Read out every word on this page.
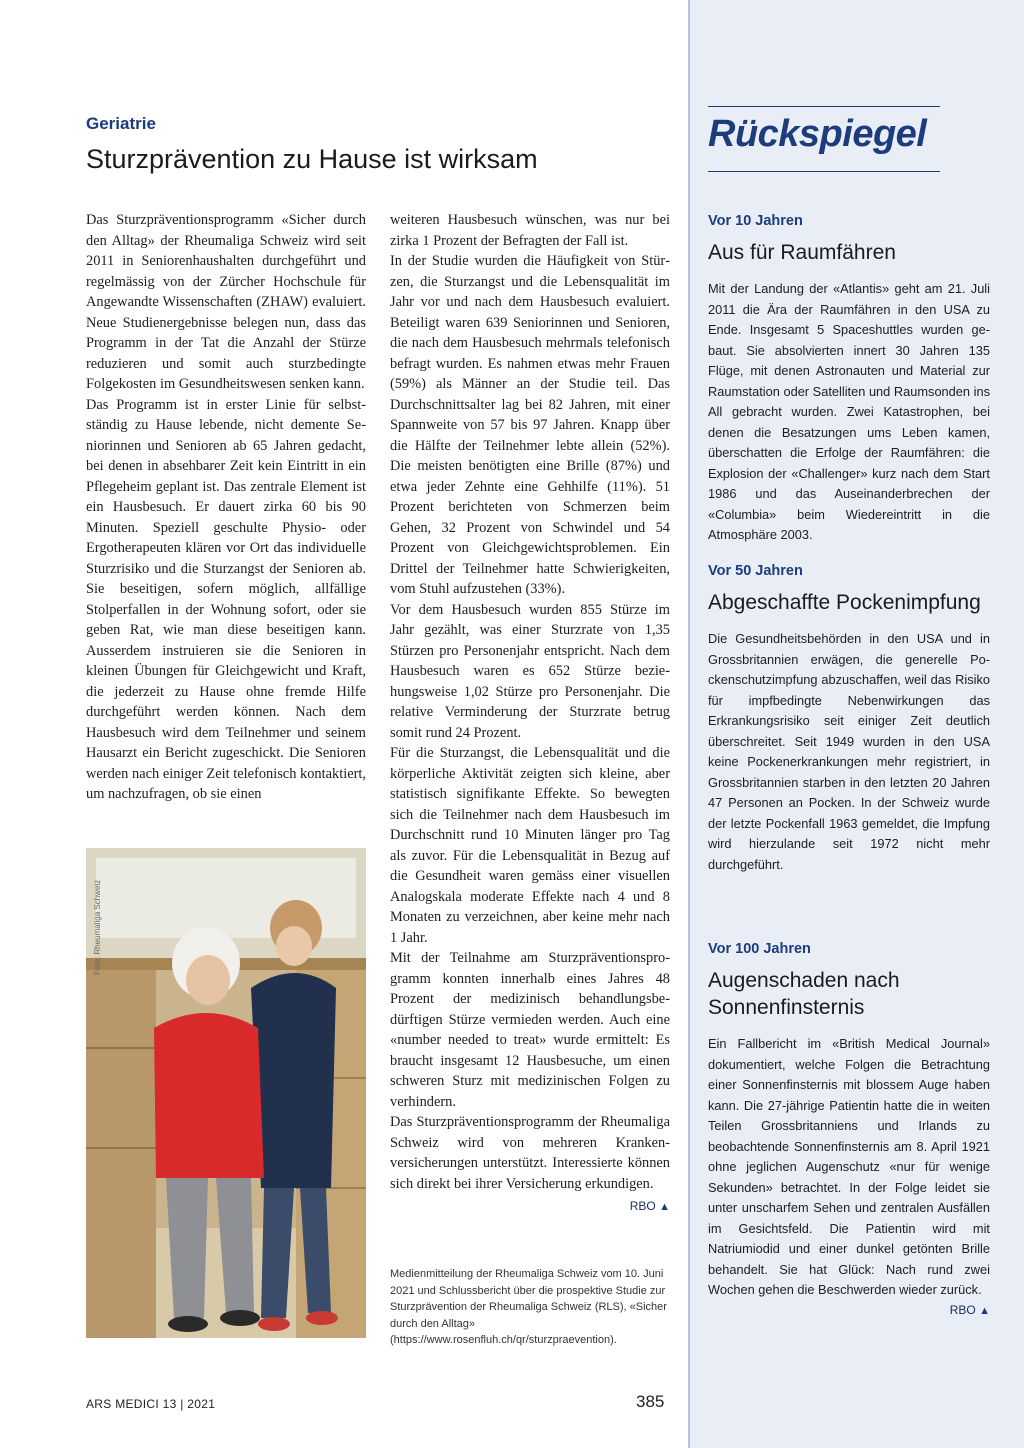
Geriatrie
Sturzprävention zu Hause ist wirksam

Das Sturzpräventionsprogramm «Sicher durch den Alltag» der Rheumaliga Schweiz wird seit 2011 in Seniorenhaushalten durchgeführt und regelmässig von der Zürcher Hochschule für Angewandte Wissenschaften (ZHAW) evaluiert. Neue Studienergebnisse belegen nun, dass das Programm in der Tat die Anzahl der Stürze reduzieren und somit auch sturzbedingte Folgekosten im Gesundheitswesen senken kann.

Das Programm ist in erster Linie für selbstständig zu Hause lebende, nicht demente Seniorinnen und Senioren ab 65 Jahren gedacht, bei denen in absehbarer Zeit kein Eintritt in ein Pflegeheim geplant ist. Das zentrale Element ist ein Hausbesuch. Er dauert zirka 60 bis 90 Minuten. Speziell geschulte Physio- oder Ergotherapeuten klären vor Ort das individuelle Sturzrisiko und die Sturzangst der Senioren ab. Sie beseitigen, sofern möglich, allfällige Stolperfallen in der Wohnung sofort, oder sie geben Rat, wie man diese beseitigen kann. Ausserdem instruieren sie die Senioren in kleinen Übungen für Gleichgewicht und Kraft, die jederzeit zu Hause ohne fremde Hilfe durchgeführt werden können. Nach dem Hausbesuch wird dem Teilnehmer und seinem Hausarzt ein Bericht zugeschickt. Die Senioren werden nach einiger Zeit telefonisch kontaktiert, um nachzufragen, ob sie einen

weiteren Hausbesuch wünschen, was nur bei zirka 1 Prozent der Befragten der Fall ist.

In der Studie wurden die Häufigkeit von Stürzen, die Sturzangst und die Lebensqualität im Jahr vor und nach dem Hausbesuch evaluiert. Beteiligt waren 639 Seniorinnen und Senioren, die nach dem Hausbesuch mehrmals telefonisch befragt wurden. Es nahmen etwas mehr Frauen (59%) als Männer an der Studie teil. Das Durchschnittsalter lag bei 82 Jahren, mit einer Spannweite von 57 bis 97 Jahren. Knapp über die Hälfte der Teilnehmer lebte allein (52%). Die meisten benötigten eine Brille (87%) und etwa jeder Zehnte eine Gehhilfe (11%). 51 Prozent berichteten von Schmerzen beim Gehen, 32 Prozent von Schwindel und 54 Prozent von Gleichgewichtsproblemen. Ein Drittel der Teilnehmer hatte Schwierigkeiten, vom Stuhl aufzustehen (33%).

Vor dem Hausbesuch wurden 855 Stürze im Jahr gezählt, was einer Sturzrate von 1,35 Stürzen pro Personenjahr entspricht. Nach dem Hausbesuch waren es 652 Stürze beziehungsweise 1,02 Stürze pro Personenjahr. Die relative Verminderung der Sturzrate betrug somit rund 24 Prozent.

Für die Sturzangst, die Lebensqualität und die körperliche Aktivität zeigten sich kleine, aber statistisch signifikante Effekte. So bewegten sich die Teilnehmer nach dem Hausbesuch im Durchschnitt rund 10 Minuten länger pro Tag als zuvor. Für die Lebensqualität in Bezug auf die Gesundheit waren gemäss einer visuellen Analogskala moderate Effekte nach 4 und 8 Monaten zu verzeichnen, aber keine mehr nach 1 Jahr.

Mit der Teilnahme am Sturzpräventionsprogramm konnten innerhalb eines Jahres 48 Prozent der medizinisch behandlungsbedürftigen Stürze vermieden werden. Auch eine «number needed to treat» wurde ermittelt: Es braucht insgesamt 12 Hausbesuche, um einen schweren Sturz mit medizinischen Folgen zu verhindern.

Das Sturzpräventionsprogramm der Rheumaliga Schweiz wird von mehreren Krankenversicherungen unterstützt. Interessierte können sich direkt bei ihrer Versicherung erkundigen.
RBO ▲

Foto: Rheumaliga Schweiz
Medienmitteilung der Rheumaliga Schweiz vom 10. Juni 2021 und Schlussbericht über die prospektive Studie zur Sturzprävention der Rheumaliga Schweiz (RLS), «Sicher durch den Alltag» (https://www.rosenfluh.ch/qr/sturzpraevention).
ARS MEDICI 13 | 2021	385
Rückspiegel
Vor 10 Jahren
Aus für Raumfähren

Mit der Landung der «Atlantis» geht am 21. Juli 2011 die Ära der Raumfähren in den USA zu Ende. Insgesamt 5 Spaceshuttles wurden gebaut. Sie absolvierten innert 30 Jahren 135 Flüge, mit denen Astronauten und Material zur Raumstation oder Satelliten und Raumsonden ins All gebracht wurden. Zwei Katastrophen, bei denen die Besatzungen ums Leben kamen, überschatten die Erfolge der Raumfähren: die Explosion der «Challenger» kurz nach dem Start 1986 und das Auseinanderbrechen der «Columbia» beim Wiedereintritt in die Atmosphäre 2003.

Vor 50 Jahren
Abgeschaffte Pockenimpfung

Die Gesundheitsbehörden in den USA und in Grossbritannien erwägen, die generelle Pockenschutzimpfung abzuschaffen, weil das Risiko für impfbedingte Nebenwirkungen das Erkrankungsrisiko seit einiger Zeit deutlich überschreitet. Seit 1949 wurden in den USA keine Pockenerkrankungen mehr registriert, in Grossbritannien starben in den letzten 20 Jahren 47 Personen an Pocken. In der Schweiz wurde der letzte Pockenfall 1963 gemeldet, die Impfung wird hierzulande seit 1972 nicht mehr durchgeführt.

Vor 100 Jahren
Augenschaden nach Sonnenfinsternis

Ein Fallbericht im «British Medical Journal» dokumentiert, welche Folgen die Betrachtung einer Sonnenfinsternis mit blossem Auge haben kann. Die 27-jährige Patientin hatte die in weiten Teilen Grossbritanniens und Irlands zu beobachtende Sonnenfinsternis am 8. April 1921 ohne jeglichen Augenschutz «nur für wenige Sekunden» betrachtet. In der Folge leidet sie unter unscharfem Sehen und zentralen Ausfällen im Gesichtsfeld. Die Patientin wird mit Natriumiodid und einer dunkel getönten Brille behandelt. Sie hat Glück: Nach rund zwei Wochen gehen die Beschwerden wieder zurück.

RBO ▲
